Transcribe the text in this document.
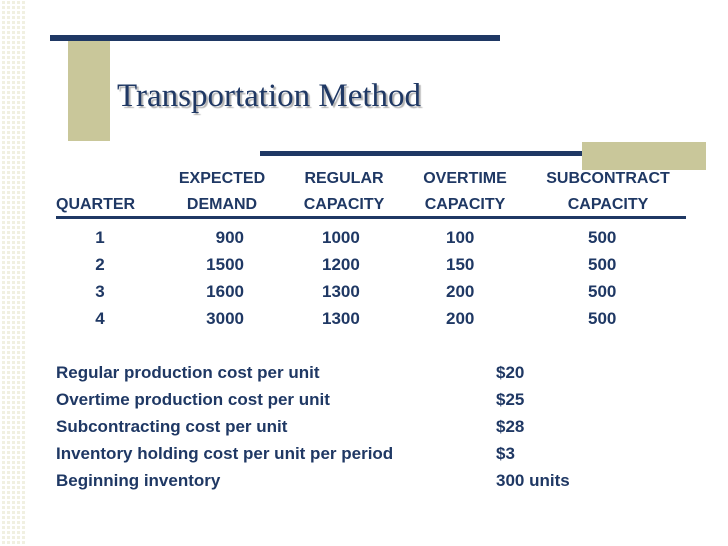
Transportation Method
QUARTER
EXPECTED
DEMAND
REGULAR
CAPACITY
OVERTIME
CAPACITY
SUBCONTRACT
CAPACITY
1
2
3
4
900
1500
1600
3000
1000
1200
1300
1300
100
150
200
200
500
500
500
500
Regular production cost per unit
Overtime production cost per unit
Subcontracting cost per unit
Inventory holding cost per unit per period
Beginning inventory
$20
$25
$28
$3
300 units
